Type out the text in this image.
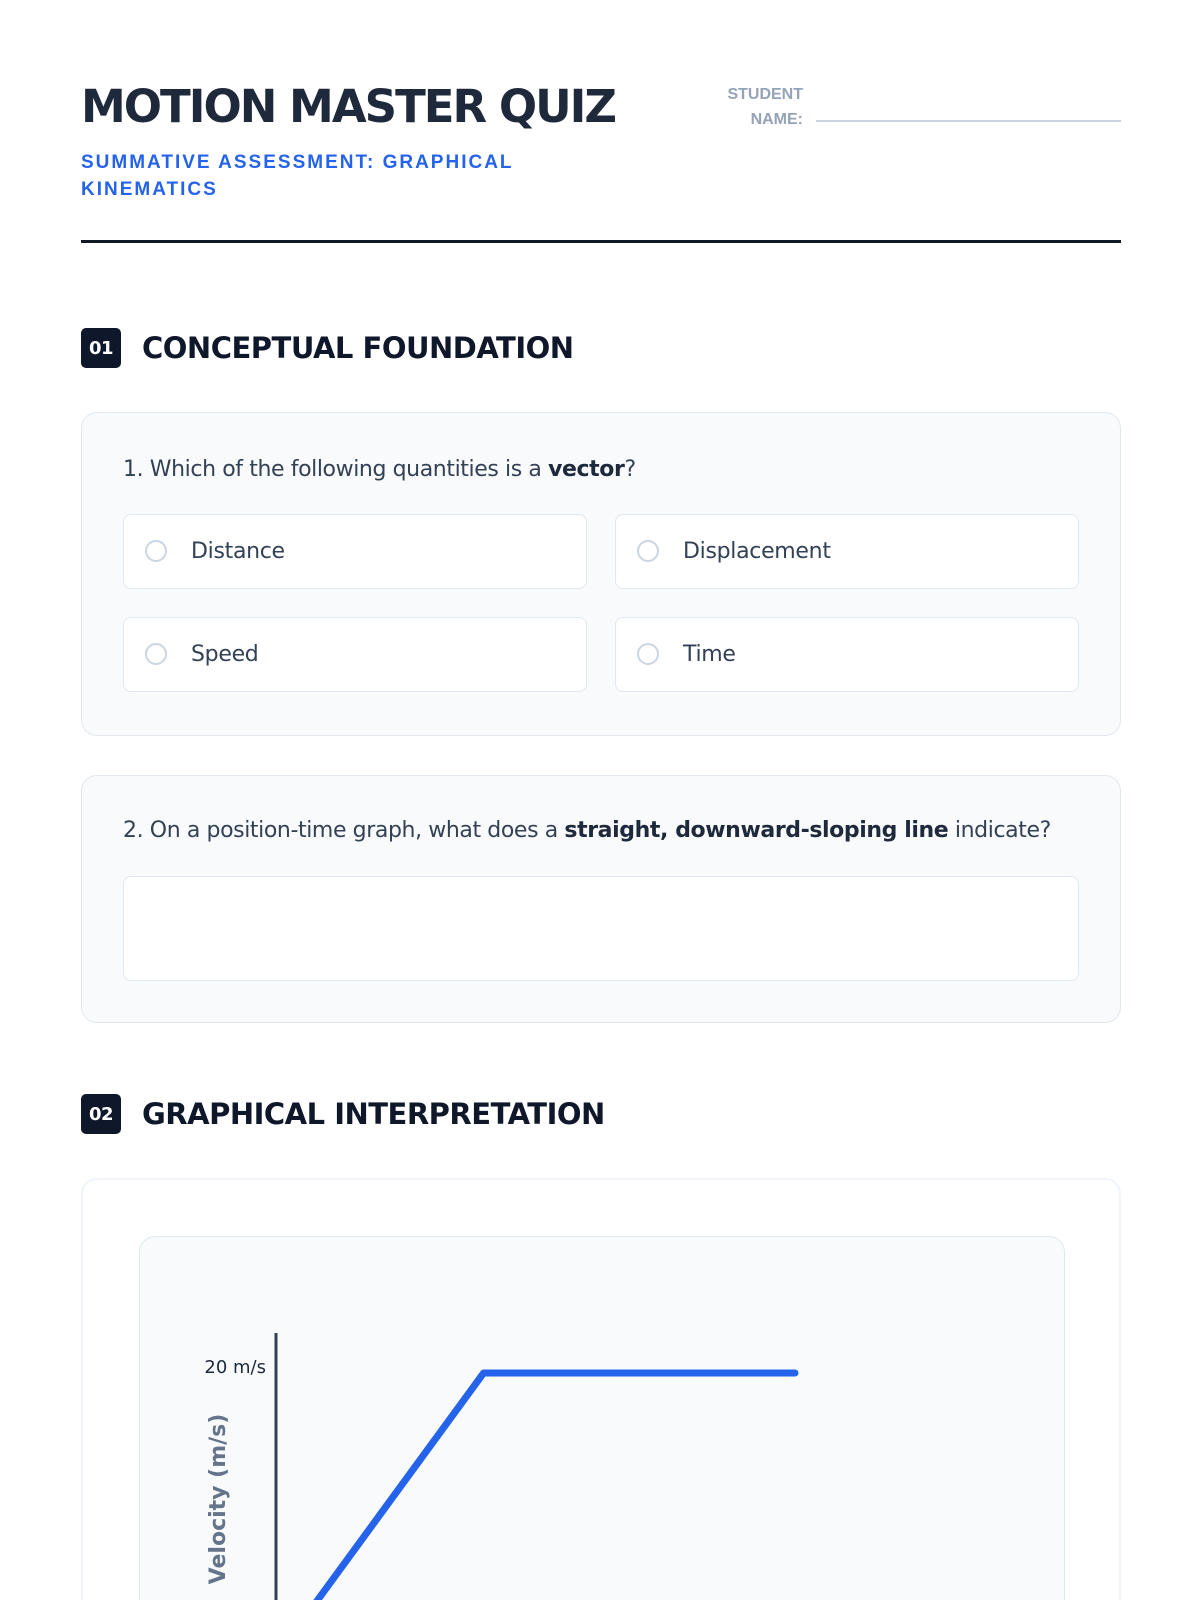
MOTION MASTER QUIZ
SUMMATIVE ASSESSMENT: GRAPHICAL KINEMATICS
STUDENT NAME:
01 CONCEPTUAL FOUNDATION
1. Which of the following quantities is a vector?
Distance	Displacement
Speed	Time
2. On a position-time graph, what does a straight, downward-sloping line indicate?
02 GRAPHICAL INTERPRETATION
20 m/s
Velocity (m/s)
